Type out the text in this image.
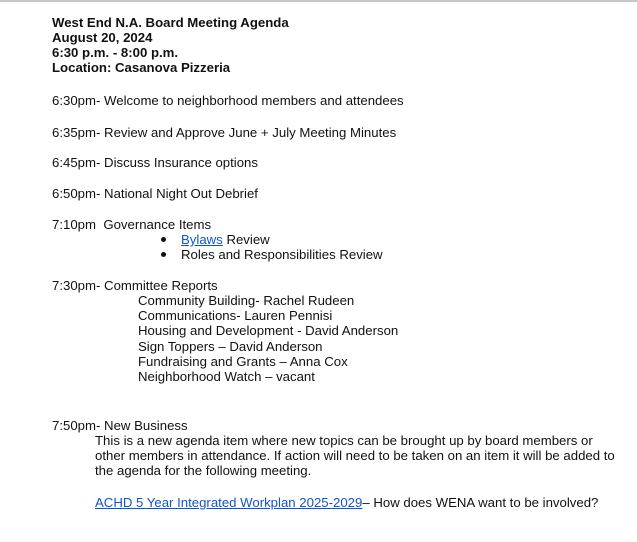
West End N.A. Board Meeting Agenda
August 20, 2024
6:30 p.m. - 8:00 p.m.
Location: Casanova Pizzeria
6:30pm- Welcome to neighborhood members and attendees
6:35pm- Review and Approve June + July Meeting Minutes
6:45pm- Discuss Insurance options
6:50pm- National Night Out Debrief
7:10pm  Governance Items
Bylaws Review
Roles and Responsibilities Review
7:30pm- Committee Reports
Community Building- Rachel Rudeen
Communications- Lauren Pennisi
Housing and Development - David Anderson
Sign Toppers – David Anderson
Fundraising and Grants – Anna Cox
Neighborhood Watch – vacant
7:50pm- New Business
This is a new agenda item where new topics can be brought up by board members or other members in attendance. If action will need to be taken on an item it will be added to the agenda for the following meeting.
ACHD 5 Year Integrated Workplan 2025-2029– How does WENA want to be involved?
